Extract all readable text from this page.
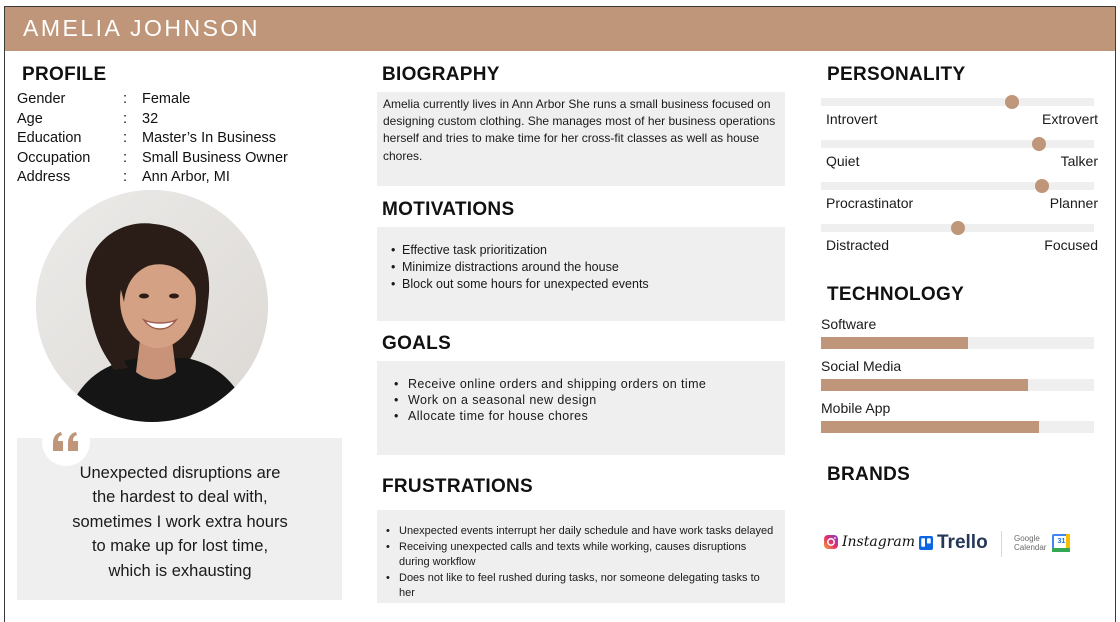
AMELIA JOHNSON
PROFILE
Gender	: Female
Age	: 32
Education	: Master’s In Business
Occupation : Small Business Owner
Address	: Ann Arbor, MI
Unexpected disruptions are
the hardest to deal with,
sometimes I work extra hours
to make up for lost time,
which is exhausting
BIOGRAPHY
Amelia currently lives in Ann Arbor She runs a small business focused on designing custom clothing. She manages most of her business operations herself and tries to make time for her cross-fit classes as well as house chores.
MOTIVATIONS
• Effective task prioritization
• Minimize distractions around the house
• Block out some hours for unexpected events
GOALS
• Receive online orders and shipping orders on time
• Work on a seasonal new design
• Allocate time for house chores
FRUSTRATIONS
• Unexpected events interrupt her daily schedule and have work tasks delayed
• Receiving unexpected calls and texts while working, causes disruptions during workflow
• Does not like to feel rushed during tasks, nor someone delegating tasks to her
PERSONALITY
Introvert	Extrovert
Quiet	Talker
Procrastinator	Planner
Distracted	Focused
TECHNOLOGY
Software
Social Media
Mobile App
BRANDS
Instagram Trello	Google
Calendar
31
